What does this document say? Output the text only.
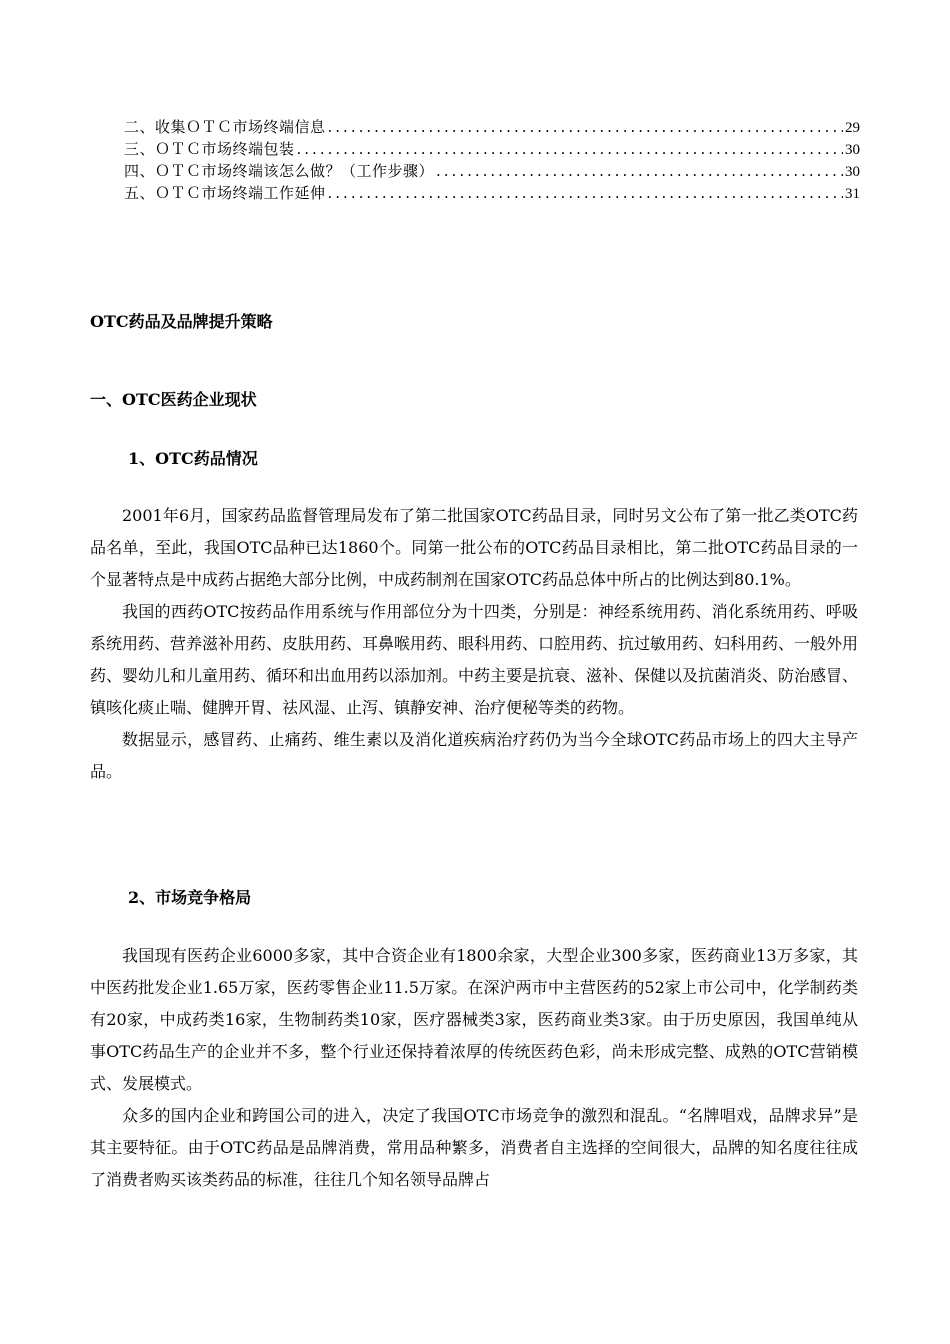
二、收集ＯＴＣ市场终端信息 .....	29
三、ＯＴＣ市场终端包装 .....	30
四、ＯＴＣ市场终端该怎么做？（工作步骤） .....	30
五、ＯＴＣ市场终端工作延伸 .....	31
OTC药品及品牌提升策略
一、OTC医药企业现状
1、OTC药品情况

2001年6月，国家药品监督管理局发布了第二批国家OTC药品目录，同时另文公布了第一批乙类OTC药品名单，至此，我国OTC品种已达1860个。同第一批公布的OTC药品目录相比，第二批OTC药品目录的一个显著特点是中成药占据绝大部分比例，中成药制剂在国家OTC药品总体中所占的比例达到80.1%。

我国的西药OTC按药品作用系统与作用部位分为十四类，分别是：神经系统用药、消化系统用药、呼吸系统用药、营养滋补用药、皮肤用药、耳鼻喉用药、眼科用药、口腔用药、抗过敏用药、妇科用药、一般外用药、婴幼儿和儿童用药、循环和出血用药以添加剂。中药主要是抗衰、滋补、保健以及抗菌消炎、防治感冒、镇咳化痰止喘、健脾开胃、祛风湿、止泻、镇静安神、治疗便秘等类的药物。

数据显示，感冒药、止痛药、维生素以及消化道疾病治疗药仍为当今全球OTC药品市场上的四大主导产品。

2、市场竞争格局

我国现有医药企业6000多家，其中合资企业有1800余家，大型企业300多家，医药商业13万多家，其中医药批发企业1.65万家，医药零售企业11.5万家。在深沪两市中主营医药的52家上市公司中，化学制药类有20家，中成药类16家，生物制药类10家，医疗器械类3家，医药商业类3家。由于历史原因，我国单纯从事OTC药品生产的企业并不多，整个行业还保持着浓厚的传统医药色彩，尚未形成完整、成熟的OTC营销模式、发展模式。

众多的国内企业和跨国公司的进入，决定了我国OTC市场竞争的激烈和混乱。“名牌唱戏，品牌求异”是其主要特征。由于OTC药品是品牌消费，常用品种繁多，消费者自主选择的空间很大，品牌的知名度往往成了消费者购买该类药品的标准，往往几个知名领导品牌占
